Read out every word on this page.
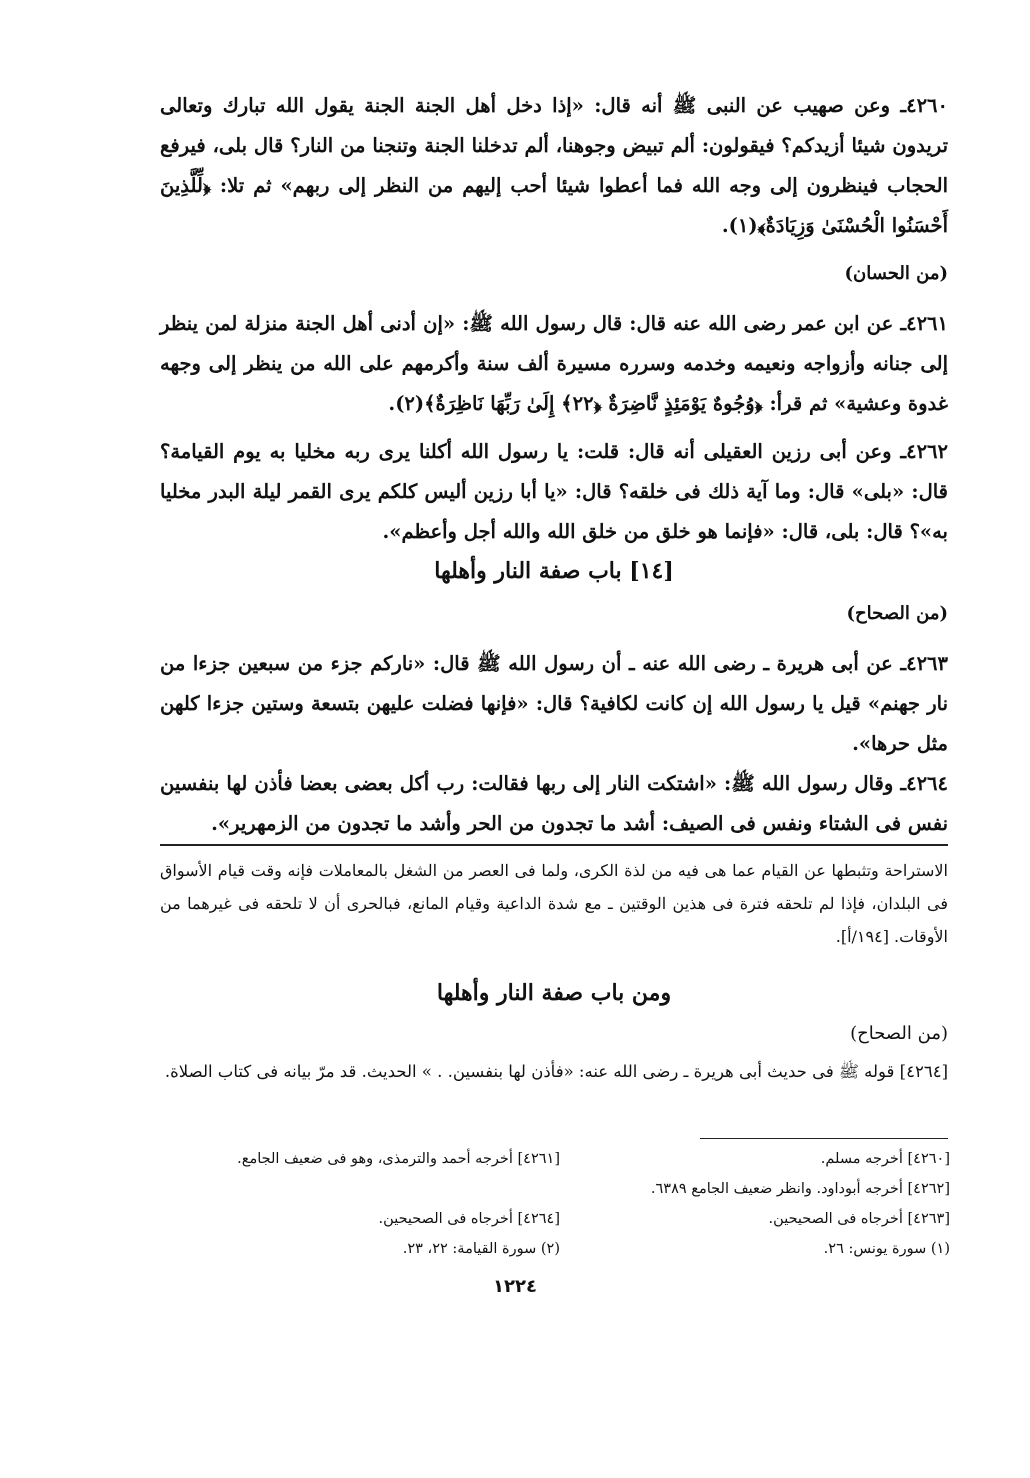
٤٢٦٠ـ وعن صهيب عن النبى ﷺ أنه قال: «إذا دخل أهل الجنة الجنة يقول الله تبارك وتعالى تريدون شيئا أزيدكم؟ فيقولون: ألم تبيض وجوهنا، ألم تدخلنا الجنة وتنجنا من النار؟ قال بلى، فيرفع الحجاب فينظرون إلى وجه الله فما أعطوا شيئا أحب إليهم من النظر إلى ربهم» ثم تلا: ﴿لِّلَّذِينَ أَحْسَنُوا الْحُسْنَىٰ وَزِيَادَةٌ﴾(١).

(من الحسان)

٤٢٦١ـ عن ابن عمر رضى الله عنه قال: قال رسول الله ﷺ: «إن أدنى أهل الجنة منزلة لمن ينظر إلى جنانه وأزواجه ونعيمه وخدمه وسرره مسيرة ألف سنة وأكرمهم على الله من ينظر إلى وجهه غدوة وعشية» ثم قرأ: ﴿وُجُوهٌ يَوْمَئِذٍ نَّاضِرَةٌ ﴿٢٢﴾ إِلَىٰ رَبِّهَا نَاظِرَةٌ﴾(٢).

٤٢٦٢ـ وعن أبى رزين العقيلى أنه قال: قلت: يا رسول الله أكلنا يرى ربه مخليا به يوم القيامة؟ قال: «بلى» قال: وما آية ذلك فى خلقه؟ قال: «يا أبا رزين أليس كلكم يرى القمر ليلة البدر مخليا به»؟ قال: بلى، قال: «فإنما هو خلق من خلق الله والله أجل وأعظم».

[١٤] باب صفة النار وأهلها

(من الصحاح)

٤٢٦٣ـ عن أبى هريرة ـ رضى الله عنه ـ أن رسول الله ﷺ قال: «ناركم جزء من سبعين جزءا من نار جهنم» قيل يا رسول الله إن كانت لكافية؟ قال: «فإنها فضلت عليهن بتسعة وستين جزءا كلهن مثل حرها».

٤٢٦٤ـ وقال رسول الله ﷺ: «اشتكت النار إلى ربها فقالت: رب أكل بعضى بعضا فأذن لها بنفسين نفس فى الشتاء ونفس فى الصيف: أشد ما تجدون من الحر وأشد ما تجدون من الزمهرير».

الاستراحة وتثبطها عن القيام عما هى فيه من لذة الكرى، ولما فى العصر من الشغل بالمعاملات فإنه وقت قيام الأسواق فى البلدان، فإذا لم تلحقه فترة فى هذين الوقتين ـ مع شدة الداعية وقيام المانع، فبالحرى أن لا تلحقه فى غيرهما من الأوقات. [١٩٤/أ].

ومن باب صفة النار وأهلها

(من الصحاح)

[٤٢٦٤] قوله ﷺ فى حديث أبى هريرة ـ رضى الله عنه: «فأذن لها بنفسين. . » الحديث. قد مرّ بيانه فى كتاب الصلاة.

[٤٢٦٠] أخرجه مسلم.
[٤٢٦١] أخرجه أحمد والترمذى، وهو فى ضعيف الجامع.
[٤٢٦٢] أخرجه أبوداود. وانظر ضعيف الجامع ٦٣٨٩.
[٤٢٦٣] أخرجاه فى الصحيحين.
[٤٢٦٤] أخرجاه فى الصحيحين.
(١) سورة يونس: ٢٦.
(٢) سورة القيامة: ٢٢، ٢٣.
١٢٢٤
